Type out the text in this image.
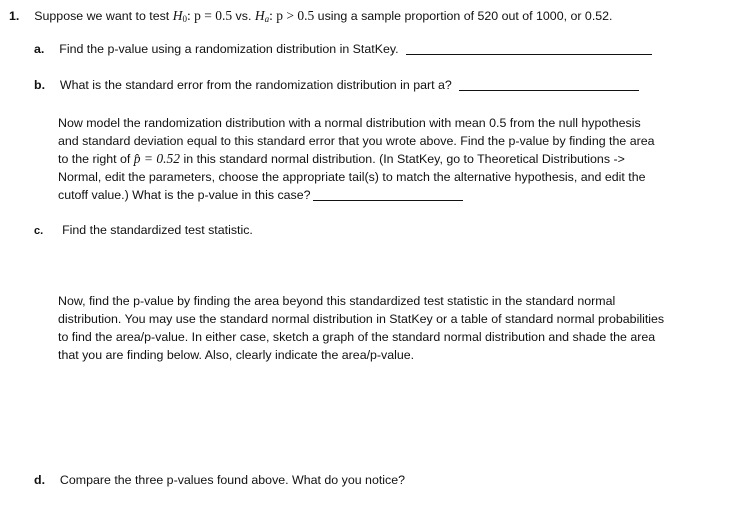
1. Suppose we want to test $H_0$: p = 0.5 vs. $H_a$: p > 0.5 using a sample proportion of 520 out of 1000, or 0.52.
a. Find the p-value using a randomization distribution in StatKey.
b. What is the standard error from the randomization distribution in part a?
Now model the randomization distribution with a normal distribution with mean 0.5 from the null hypothesis
and standard deviation equal to this standard error that you wrote above. Find the p-value by finding the area
to the right of p̂ = 0.52 in this standard normal distribution. (In StatKey, go to Theoretical Distributions ->
Normal, edit the parameters, choose the appropriate tail(s) to match the alternative hypothesis, and edit the
cutoff value.) What is the p-value in this case?
c. Find the standardized test statistic.
Now, find the p-value by finding the area beyond this standardized test statistic in the standard normal
distribution. You may use the standard normal distribution in StatKey or a table of standard normal probabilities
to find the area/p-value. In either case, sketch a graph of the standard normal distribution and shade the area
that you are finding below. Also, clearly indicate the area/p-value.
d. Compare the three p-values found above. What do you notice?
